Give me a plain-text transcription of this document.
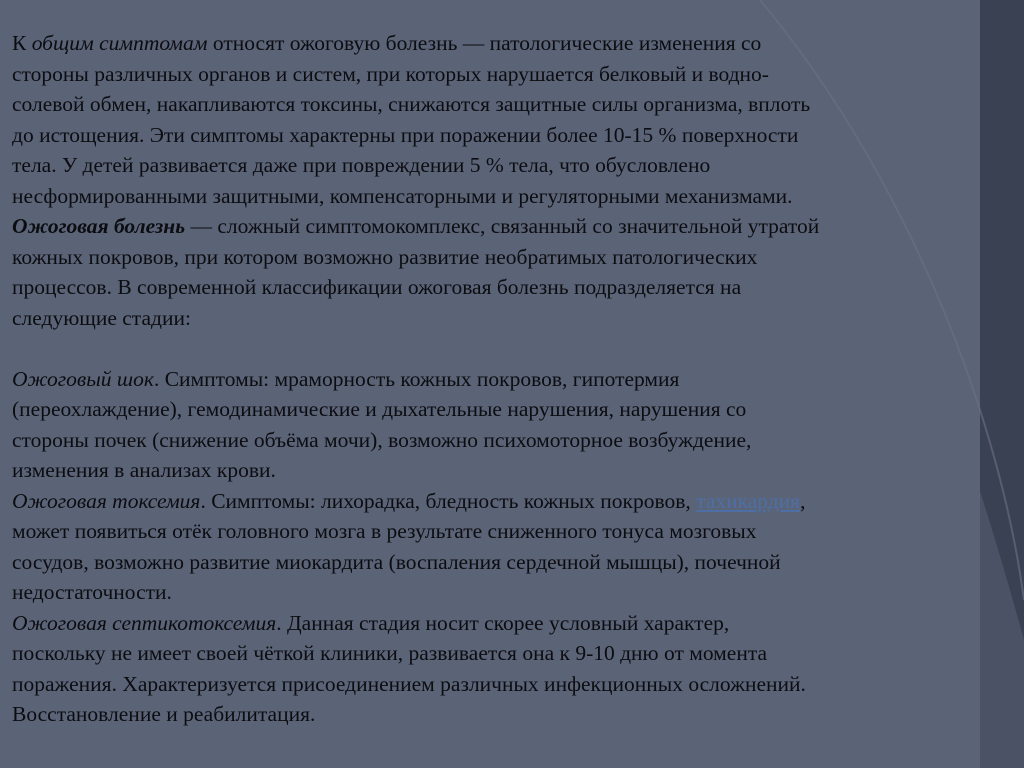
К общим симптомам относят ожоговую болезнь — патологические изменения со

стороны различных органов и систем, при которых нарушается белковый и водно-

солевой обмен, накапливаются токсины, снижаются защитные силы организма, вплоть

до истощения. Эти симптомы характерны при поражении более 10-15 % поверхности

тела. У детей развивается даже при повреждении 5 % тела, что обусловлено

несформированными защитными, компенсаторными и регуляторными механизмами.

Ожоговая болезнь — сложный симптомокомплекс, связанный со значительной утратой

кожных покровов, при котором возможно развитие необратимых патологических

процессов. В современной классификации ожоговая болезнь подразделяется на

следующие стадии:

Ожоговый шок. Симптомы: мраморность кожных покровов, гипотермия

(переохлаждение), гемодинамические и дыхательные нарушения, нарушения со

стороны почек (снижение объёма мочи), возможно психомоторное возбуждение,

изменения в анализах крови.

Ожоговая токсемия. Симптомы: лихорадка, бледность кожных покровов, тахикардия,

может появиться отёк головного мозга в результате сниженного тонуса мозговых

сосудов, возможно развитие миокардита (воспаления сердечной мышцы), почечной

недостаточности.

Ожоговая септикотоксемия. Данная стадия носит скорее условный характер,

поскольку не имеет своей чёткой клиники, развивается она к 9-10 дню от момента

поражения. Характеризуется присоединением различных инфекционных осложнений.

Восстановление и реабилитация.
